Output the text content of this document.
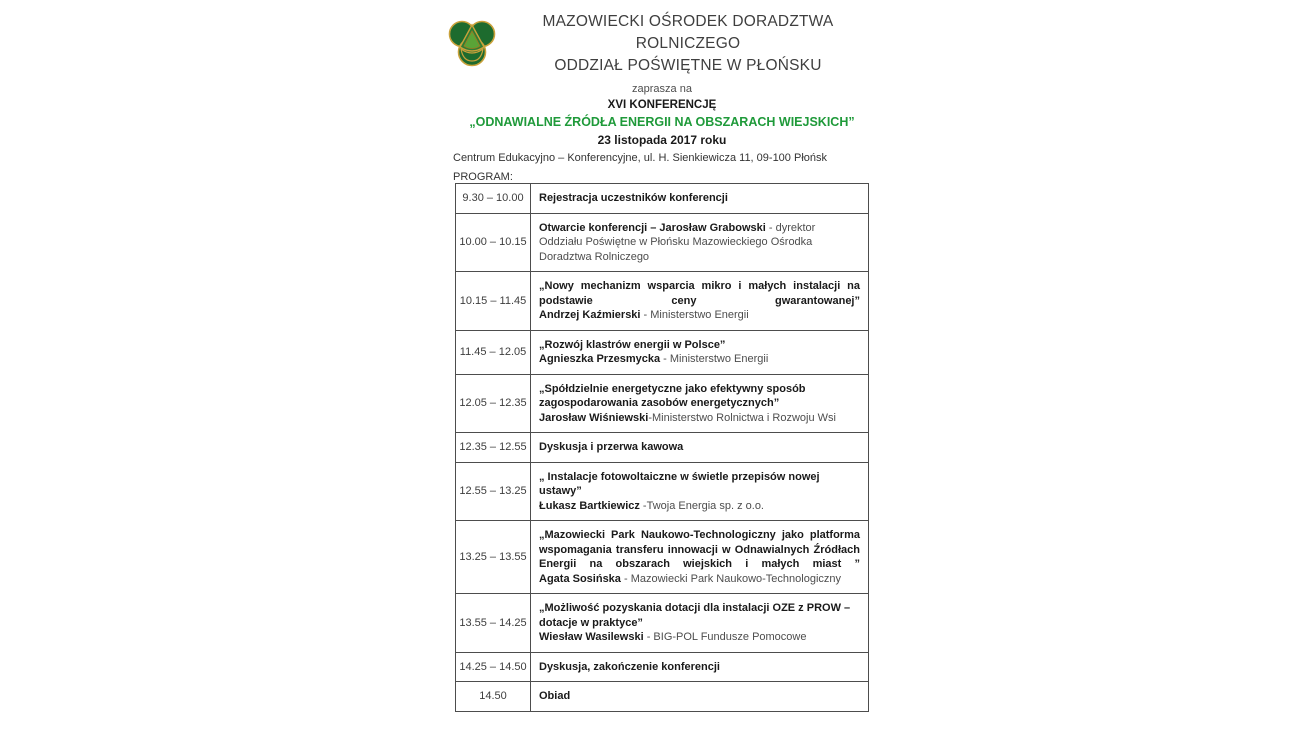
MAZOWIECKI OŚRODEK DORADZTWA ROLNICZEGO
ODDZIAŁ POŚWIĘTNE W PŁOŃSKU
zaprasza na
XVI KONFERENCJĘ
„ODNAWIALNE ŹRÓDŁA ENERGII NA OBSZARACH WIEJSKICH”
23 listopada 2017 roku
Centrum Edukacyjno – Konferencyjne, ul. H. Sienkiewicza 11, 09-100 Płońsk
PROGRAM:
9.30 – 10.00	Rejestracja uczestników konferencji

10.00 – 10.15	Otwarcie konferencji – Jarosław Grabowski - dyrektor Oddziału Poświętne w Płońsku Mazowieckiego Ośrodka Doradztwa Rolniczego

10.15 – 11.45	„Nowy mechanizm wsparcia mikro i małych instalacji na podstawie ceny gwarantowanej”
Andrzej Kaźmierski - Ministerstwo Energii

11.45 – 12.05	„Rozwój klastrów energii w Polsce”
Agnieszka Przesmycka - Ministerstwo Energii

12.05 – 12.35	„Spółdzielnie energetyczne jako efektywny sposób zagospodarowania zasobów energetycznych”
Jarosław Wiśniewski-Ministerstwo Rolnictwa i Rozwoju Wsi

12.35 – 12.55	Dyskusja i przerwa kawowa

12.55 – 13.25	„ Instalacje fotowoltaiczne w świetle przepisów nowej ustawy”
Łukasz Bartkiewicz -Twoja Energia sp. z o.o.

13.25 – 13.55	„Mazowiecki Park Naukowo-Technologiczny jako platforma wspomagania transferu innowacji w Odnawialnych Źródłach Energii na obszarach wiejskich i małych miast ”
Agata Sosińska - Mazowiecki Park Naukowo-Technologiczny

13.55 – 14.25	„Możliwość pozyskania dotacji dla instalacji OZE z PROW – dotacje w praktyce”
Wiesław Wasilewski - BIG-POL Fundusze Pomocowe

14.25 – 14.50	Dyskusja, zakończenie konferencji

14.50	Obiad
